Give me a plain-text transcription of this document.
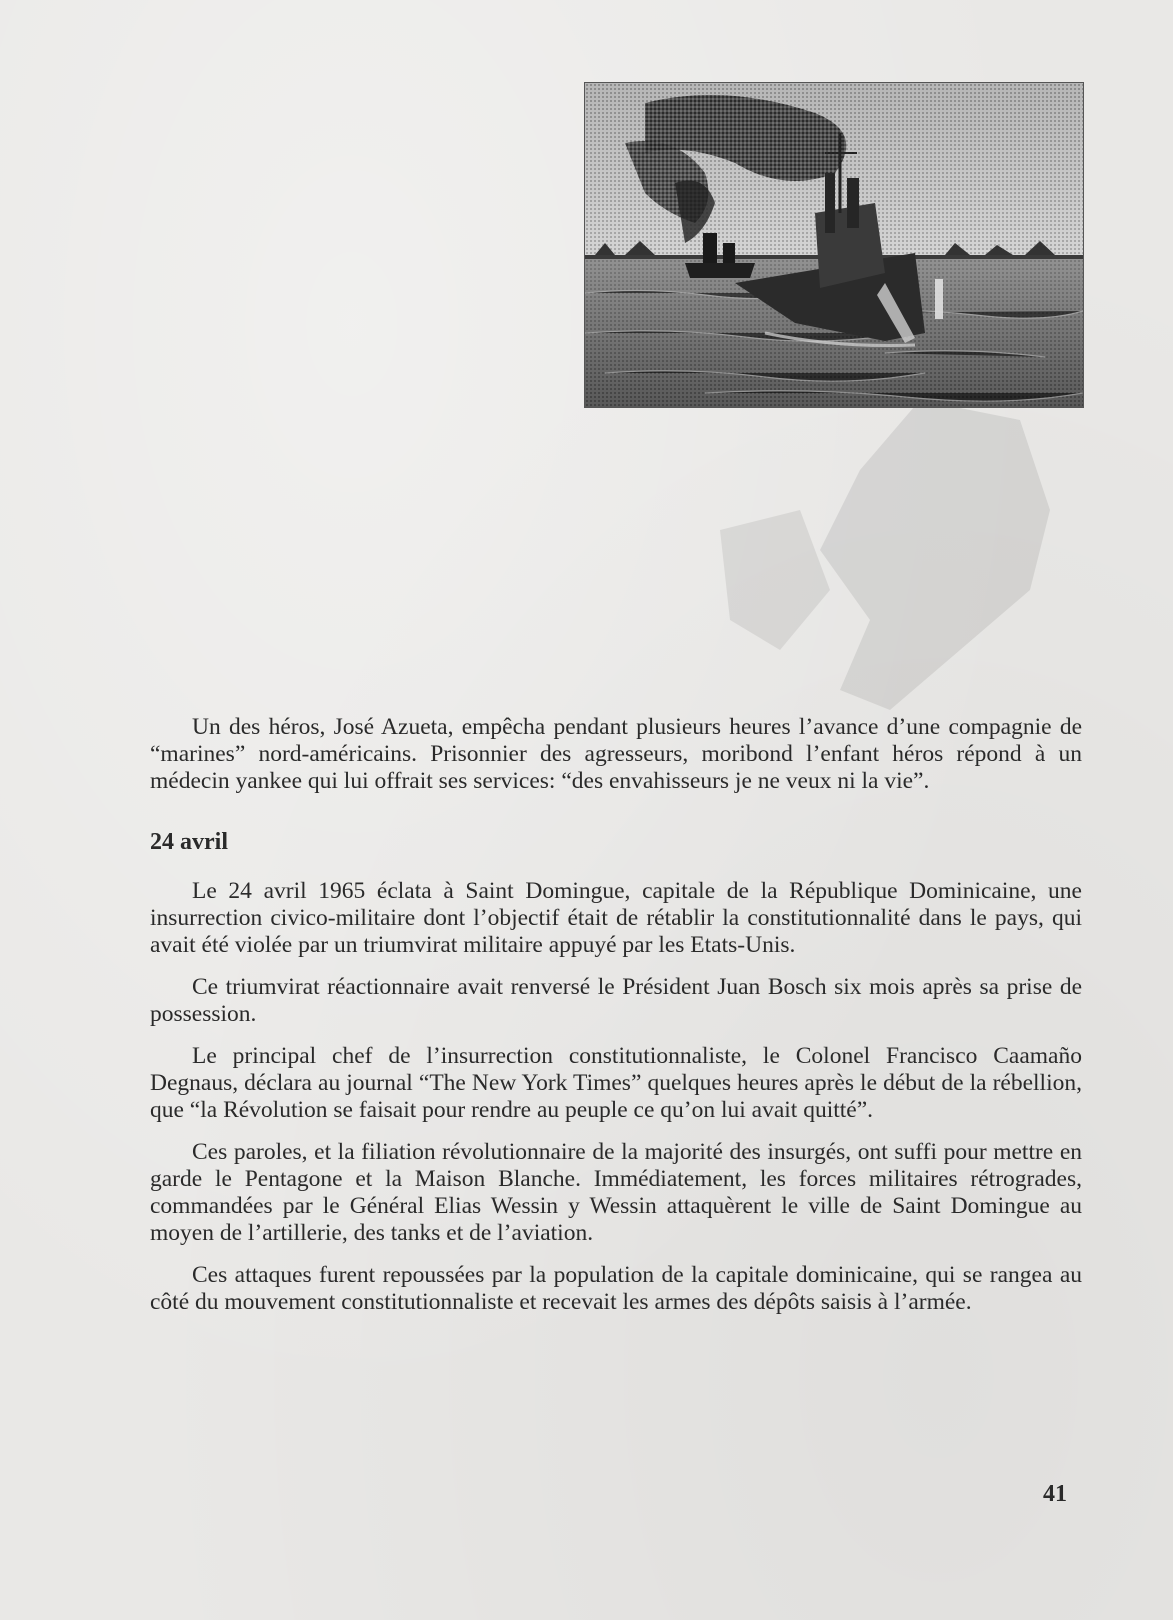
Un des héros, José Azueta, empêcha pendant plusieurs heures l’avance d’une compagnie de “marines” nord-américains. Prisonnier des agresseurs, moribond l’enfant héros répond à un médecin yankee qui lui offrait ses services: “des envahisseurs je ne veux ni la vie”.

24 avril

Le 24 avril 1965 éclata à Saint Domingue, capitale de la République Dominicaine, une insurrection civico-militaire dont l’objectif était de rétablir la constitutionnalité dans le pays, qui avait été violée par un triumvirat militaire appuyé par les Etats-Unis.

Ce triumvirat réactionnaire avait renversé le Président Juan Bosch six mois après sa prise de possession.

Le principal chef de l’insurrection constitutionnaliste, le Colonel Francisco Caamaño Degnaus, déclara au journal “The New York Times” quelques heures après le début de la rébellion, que “la Révolution se faisait pour rendre au peuple ce qu’on lui avait quitté”.

Ces paroles, et la filiation révolutionnaire de la majorité des insurgés, ont suffi pour mettre en garde le Pentagone et la Maison Blanche. Immédiatement, les forces militaires rétrogrades, commandées par le Général Elias Wessin y Wessin attaquèrent le ville de Saint Domingue au moyen de l’artillerie, des tanks et de l’aviation.

Ces attaques furent repoussées par la population de la capitale dominicaine, qui se rangea au côté du mouvement constitutionnaliste et recevait les armes des dépôts saisis à l’armée.

41
